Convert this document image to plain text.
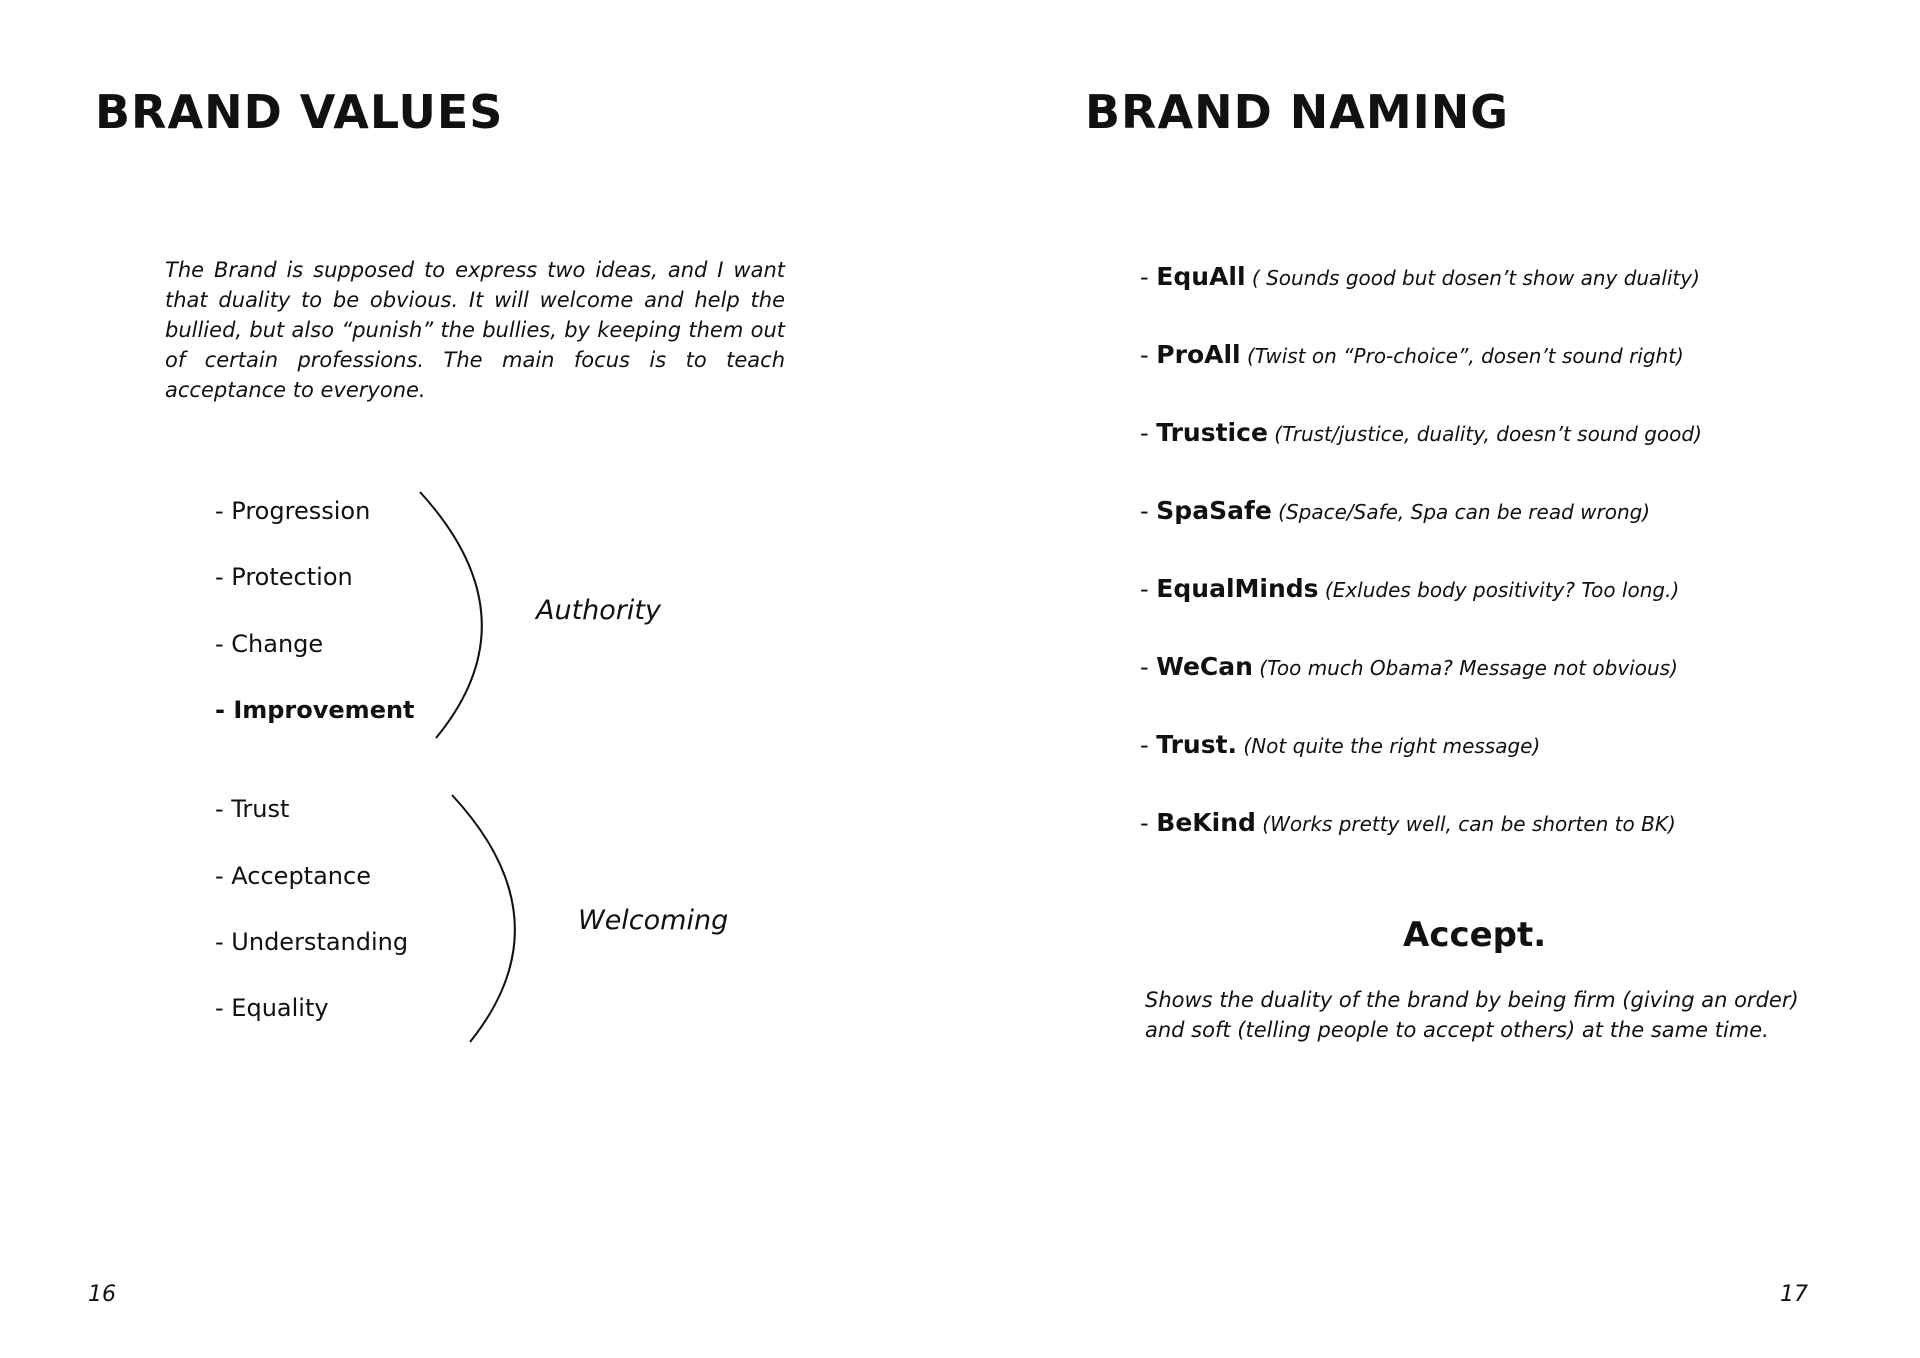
BRAND VALUES

The Brand is supposed to express two ideas, and I want that duality to be obvious. It will welcome and help the bullied, but also “punish” the bullies, by keeping them out of certain professions. The main focus is to teach acceptance to everyone.

- Progression
- Protection
- Change
- Improvement
Authority
- Trust
- Acceptance
- Understanding
- Equality
Welcoming
16
BRAND NAMING
- EquAll ( Sounds good but dosen’t show any duality)
- ProAll (Twist on “Pro-choice”, dosen’t sound right)
- Trustice (Trust/justice, duality, doesn’t sound good)
- SpaSafe (Space/Safe, Spa can be read wrong)
- EqualMinds (Exludes body positivity? Too long.)
- WeCan (Too much Obama? Message not obvious)
- Trust. (Not quite the right message)
- BeKind (Works pretty well, can be shorten to BK)
Accept.

Shows the duality of the brand by being firm (giving an order) and soft (telling people to accept others) at the same time.

17
